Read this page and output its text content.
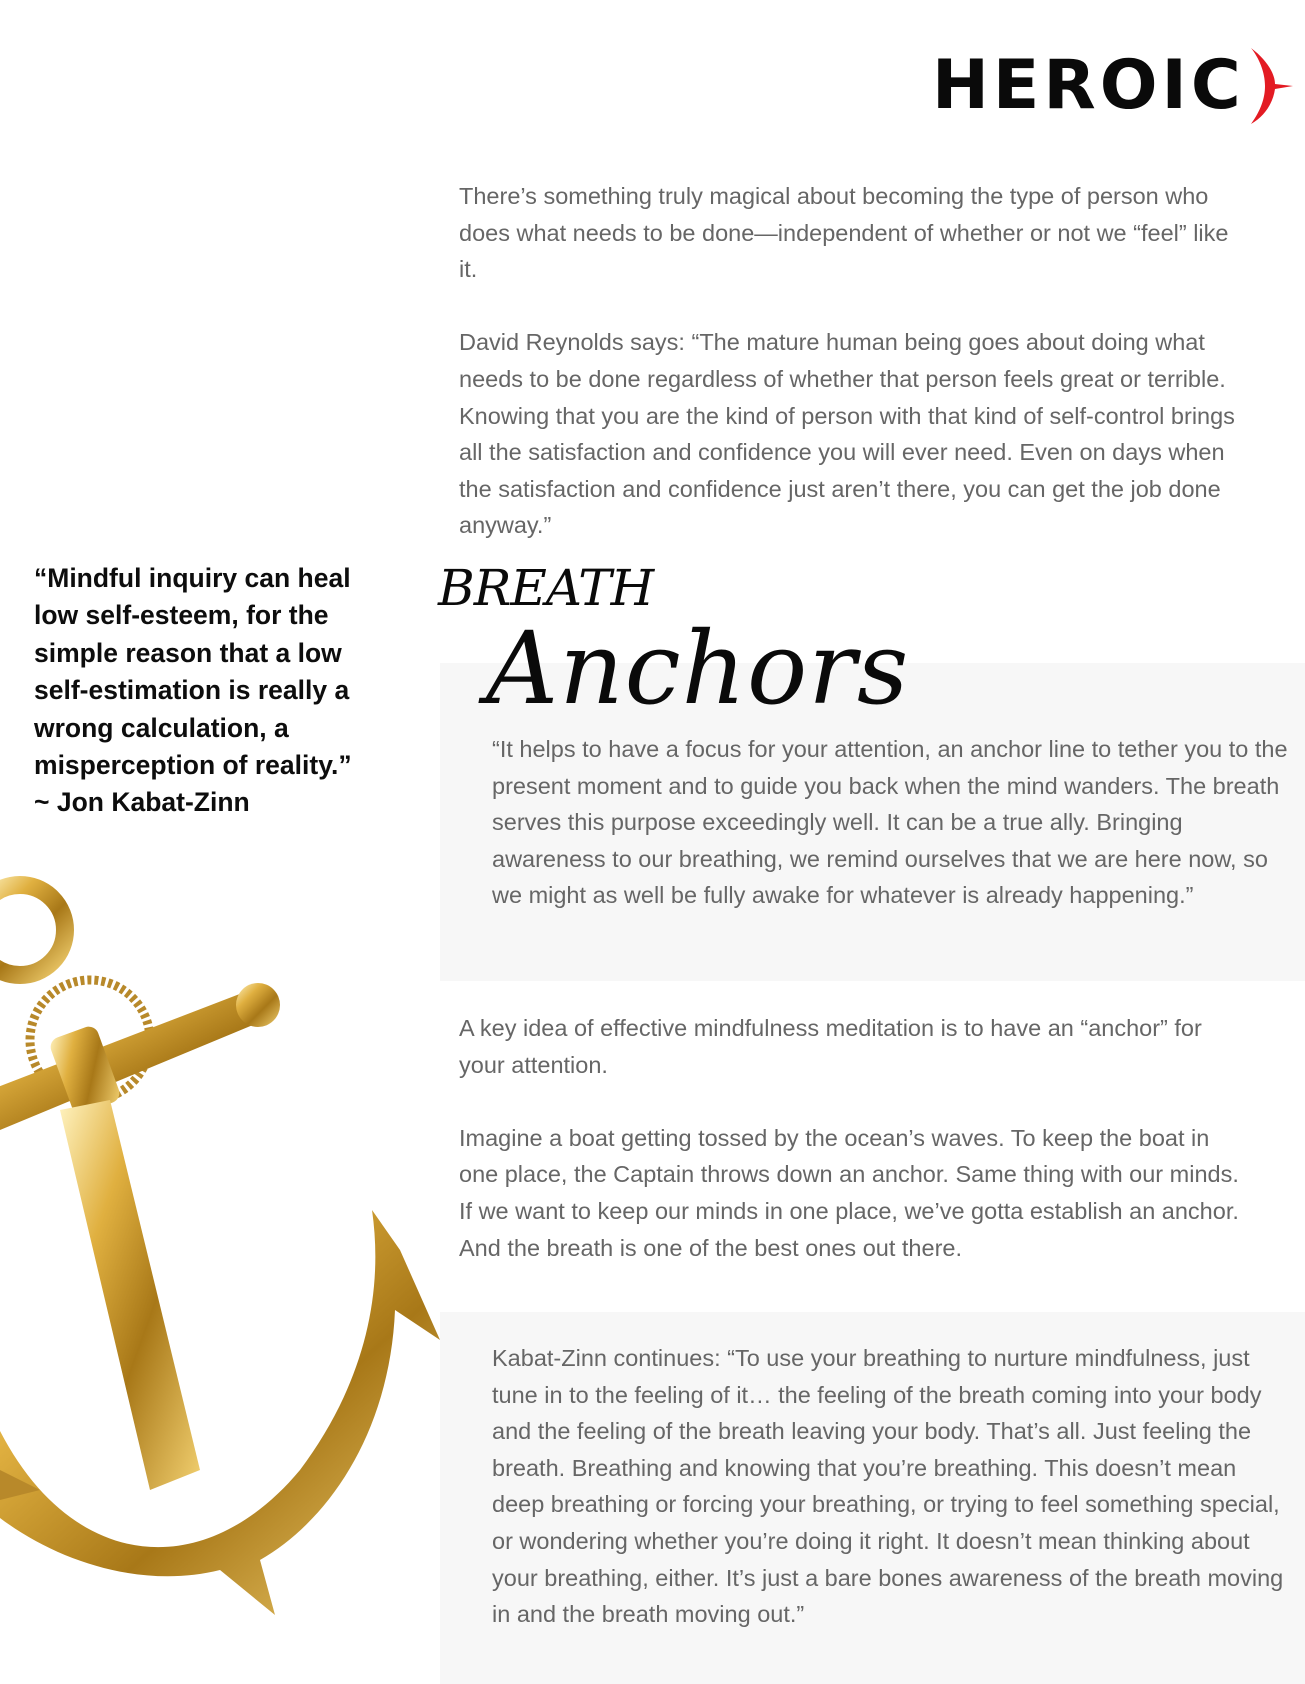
HEROIC

There’s something truly magical about becoming the type of person who does what needs to be done—independent of whether or not we “feel” like it.

David Reynolds says: “The mature human being goes about doing what needs to be done regardless of whether that person feels great or terrible. Knowing that you are the kind of person with that kind of self-control brings all the satisfaction and confidence you will ever need. Even on days when the satisfaction and confidence just aren’t there, you can get the job done anyway.”

“Mindful inquiry can heal low self-esteem, for the simple reason that a low self-estimation is really a wrong calculation, a misperception of reality.”
~ Jon Kabat-Zinn
“It helps to have a focus for your attention, an anchor line to tether you to the present moment and to guide you back when the mind wanders. The breath serves this purpose exceedingly well. It can be a true ally. Bringing awareness to our breathing, we remind ourselves that we are here now, so we might as well be fully awake for whatever is already happening.”
BREATH
Anchors

A key idea of effective mindfulness meditation is to have an “anchor” for your attention.

Imagine a boat getting tossed by the ocean’s waves. To keep the boat in one place, the Captain throws down an anchor. Same thing with our minds. If we want to keep our minds in one place, we’ve gotta establish an anchor. And the breath is one of the best ones out there.

Kabat-Zinn continues: “To use your breathing to nurture mindfulness, just tune in to the feeling of it… the feeling of the breath coming into your body and the feeling of the breath leaving your body. That’s all. Just feeling the breath. Breathing and knowing that you’re breathing. This doesn’t mean deep breathing or forcing your breathing, or trying to feel something special, or wondering whether you’re doing it right. It doesn’t mean thinking about your breathing, either. It’s just a bare bones awareness of the breath moving in and the breath moving out.”
